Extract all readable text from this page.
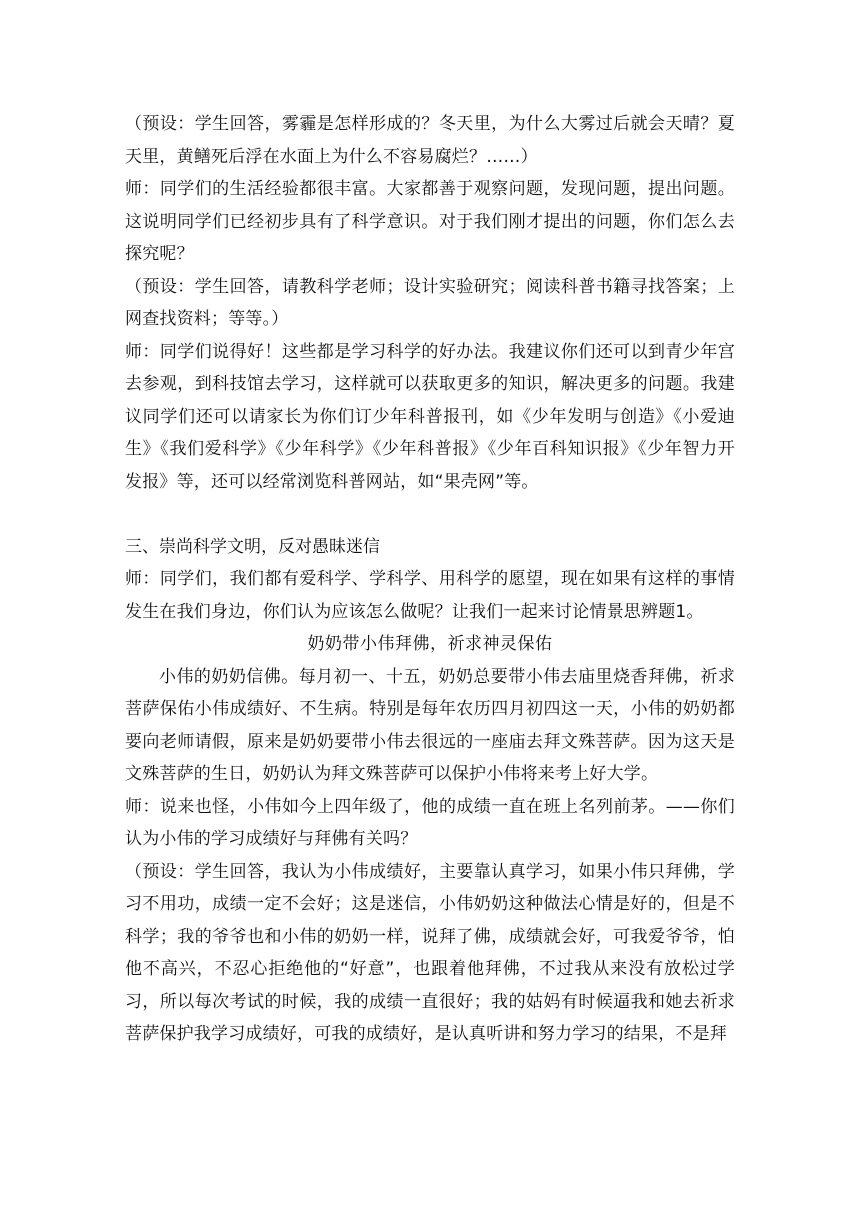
（预设：学生回答，雾霾是怎样形成的？冬天里，为什么大雾过后就会天晴？夏天里，黄鳝死后浮在水面上为什么不容易腐烂？……）

师：同学们的生活经验都很丰富。大家都善于观察问题，发现问题，提出问题。这说明同学们已经初步具有了科学意识。对于我们刚才提出的问题，你们怎么去探究呢？

（预设：学生回答，请教科学老师；设计实验研究；阅读科普书籍寻找答案；上网查找资料；等等。）

师：同学们说得好！这些都是学习科学的好办法。我建议你们还可以到青少年宫去参观，到科技馆去学习，这样就可以获取更多的知识，解决更多的问题。我建议同学们还可以请家长为你们订少年科普报刊，如《少年发明与创造》《小爱迪生》《我们爱科学》《少年科学》《少年科普报》《少年百科知识报》《少年智力开发报》等，还可以经常浏览科普网站，如“果壳网”等。

三、崇尚科学文明，反对愚昧迷信

师：同学们，我们都有爱科学、学科学、用科学的愿望，现在如果有这样的事情发生在我们身边，你们认为应该怎么做呢？让我们一起来讨论情景思辨题1。

奶奶带小伟拜佛，祈求神灵保佑

小伟的奶奶信佛。每月初一、十五，奶奶总要带小伟去庙里烧香拜佛，祈求菩萨保佑小伟成绩好、不生病。特别是每年农历四月初四这一天，小伟的奶奶都要向老师请假，原来是奶奶要带小伟去很远的一座庙去拜文殊菩萨。因为这天是文殊菩萨的生日，奶奶认为拜文殊菩萨可以保护小伟将来考上好大学。

师：说来也怪，小伟如今上四年级了，他的成绩一直在班上名列前茅。——你们认为小伟的学习成绩好与拜佛有关吗？

（预设：学生回答，我认为小伟成绩好，主要靠认真学习，如果小伟只拜佛，学习不用功，成绩一定不会好；这是迷信，小伟奶奶这种做法心情是好的，但是不科学；我的爷爷也和小伟的奶奶一样，说拜了佛，成绩就会好，可我爱爷爷，怕他不高兴，不忍心拒绝他的“好意”，也跟着他拜佛，不过我从来没有放松过学习，所以每次考试的时候，我的成绩一直很好；我的姑妈有时候逼我和她去祈求菩萨保护我学习成绩好，可我的成绩好，是认真听讲和努力学习的结果，不是拜
